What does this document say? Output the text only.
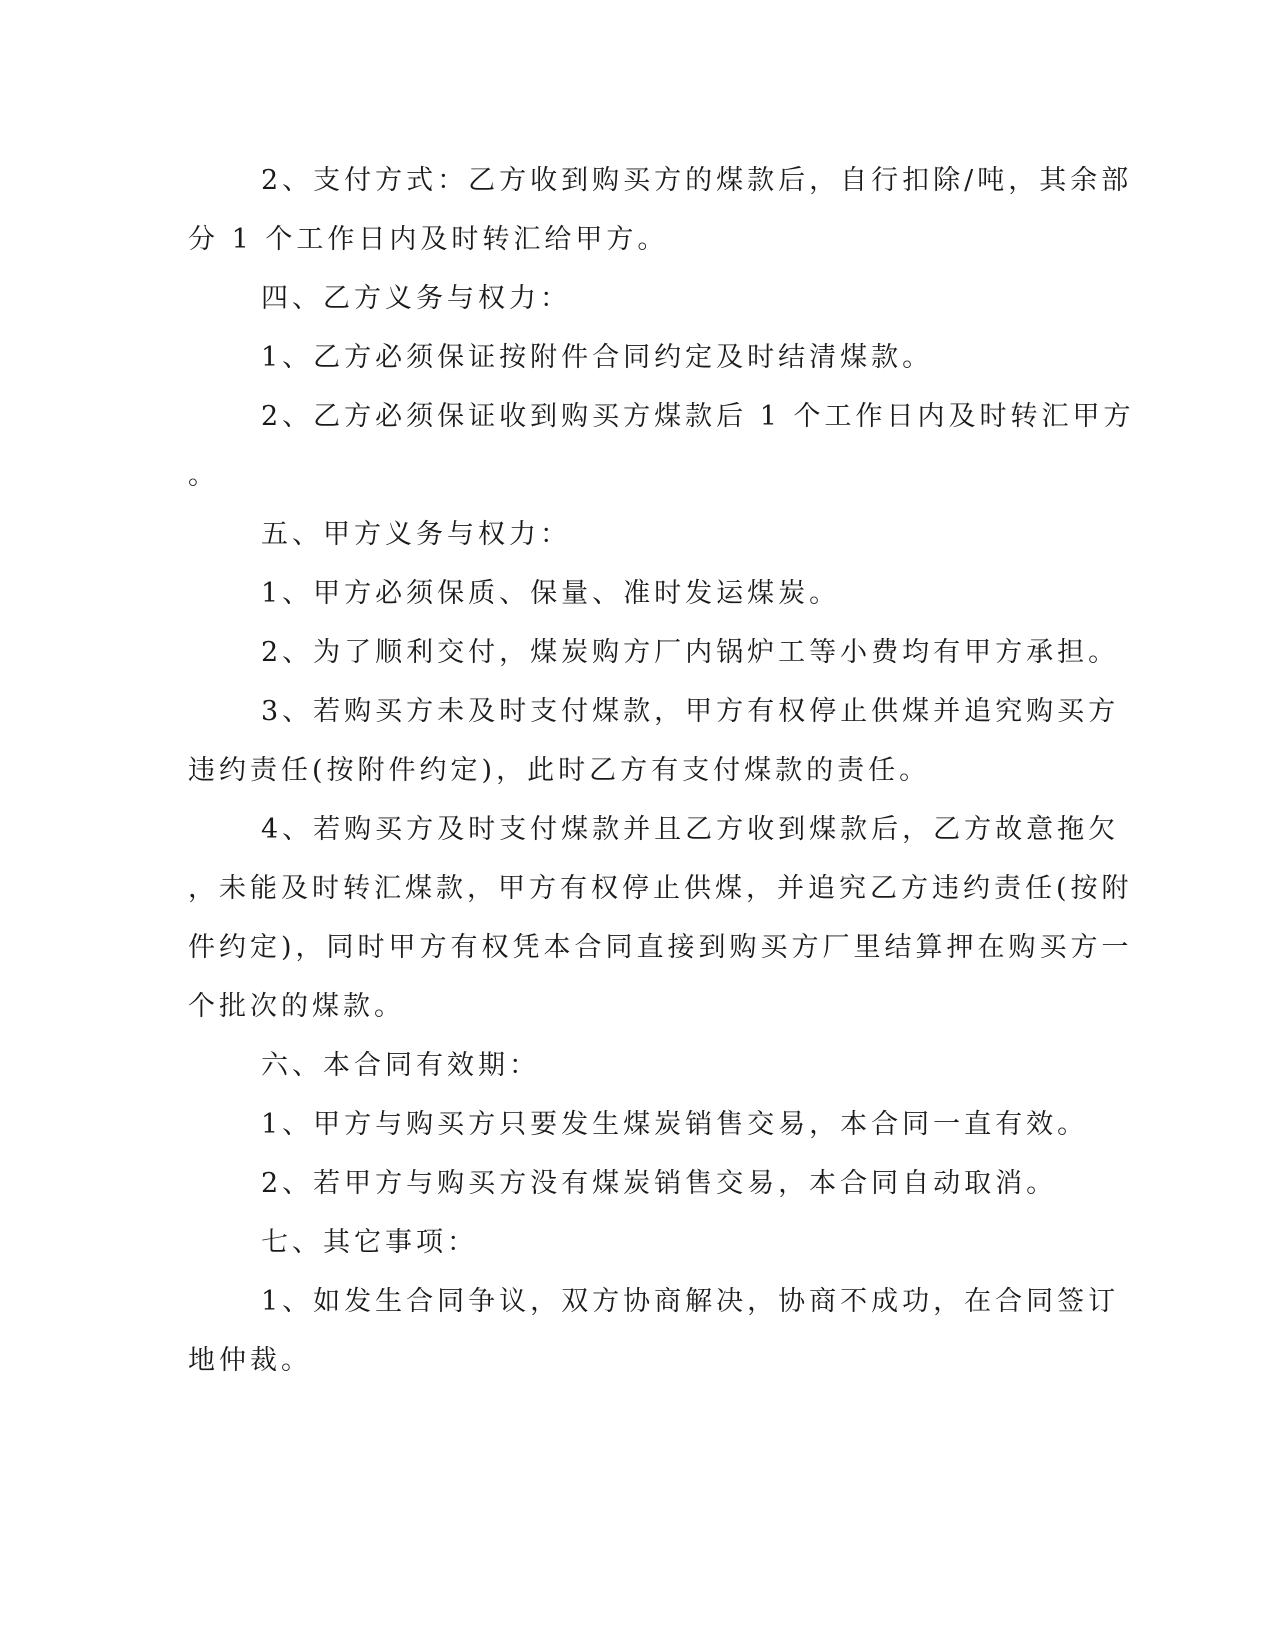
2、支付方式：乙方收到购买方的煤款后，自行扣除/吨，其余部
分 1 个工作日内及时转汇给甲方。
四、乙方义务与权力：
1、乙方必须保证按附件合同约定及时结清煤款。
2、乙方必须保证收到购买方煤款后 1 个工作日内及时转汇甲方
。
五、甲方义务与权力：
1、甲方必须保质、保量、准时发运煤炭。
2、为了顺利交付，煤炭购方厂内锅炉工等小费均有甲方承担。
3、若购买方未及时支付煤款，甲方有权停止供煤并追究购买方
违约责任(按附件约定)，此时乙方有支付煤款的责任。
4、若购买方及时支付煤款并且乙方收到煤款后，乙方故意拖欠
，未能及时转汇煤款，甲方有权停止供煤，并追究乙方违约责任(按附
件约定)，同时甲方有权凭本合同直接到购买方厂里结算押在购买方一
个批次的煤款。
六、本合同有效期：
1、甲方与购买方只要发生煤炭销售交易，本合同一直有效。
2、若甲方与购买方没有煤炭销售交易，本合同自动取消。
七、其它事项：
1、如发生合同争议，双方协商解决，协商不成功，在合同签订
地仲裁。
